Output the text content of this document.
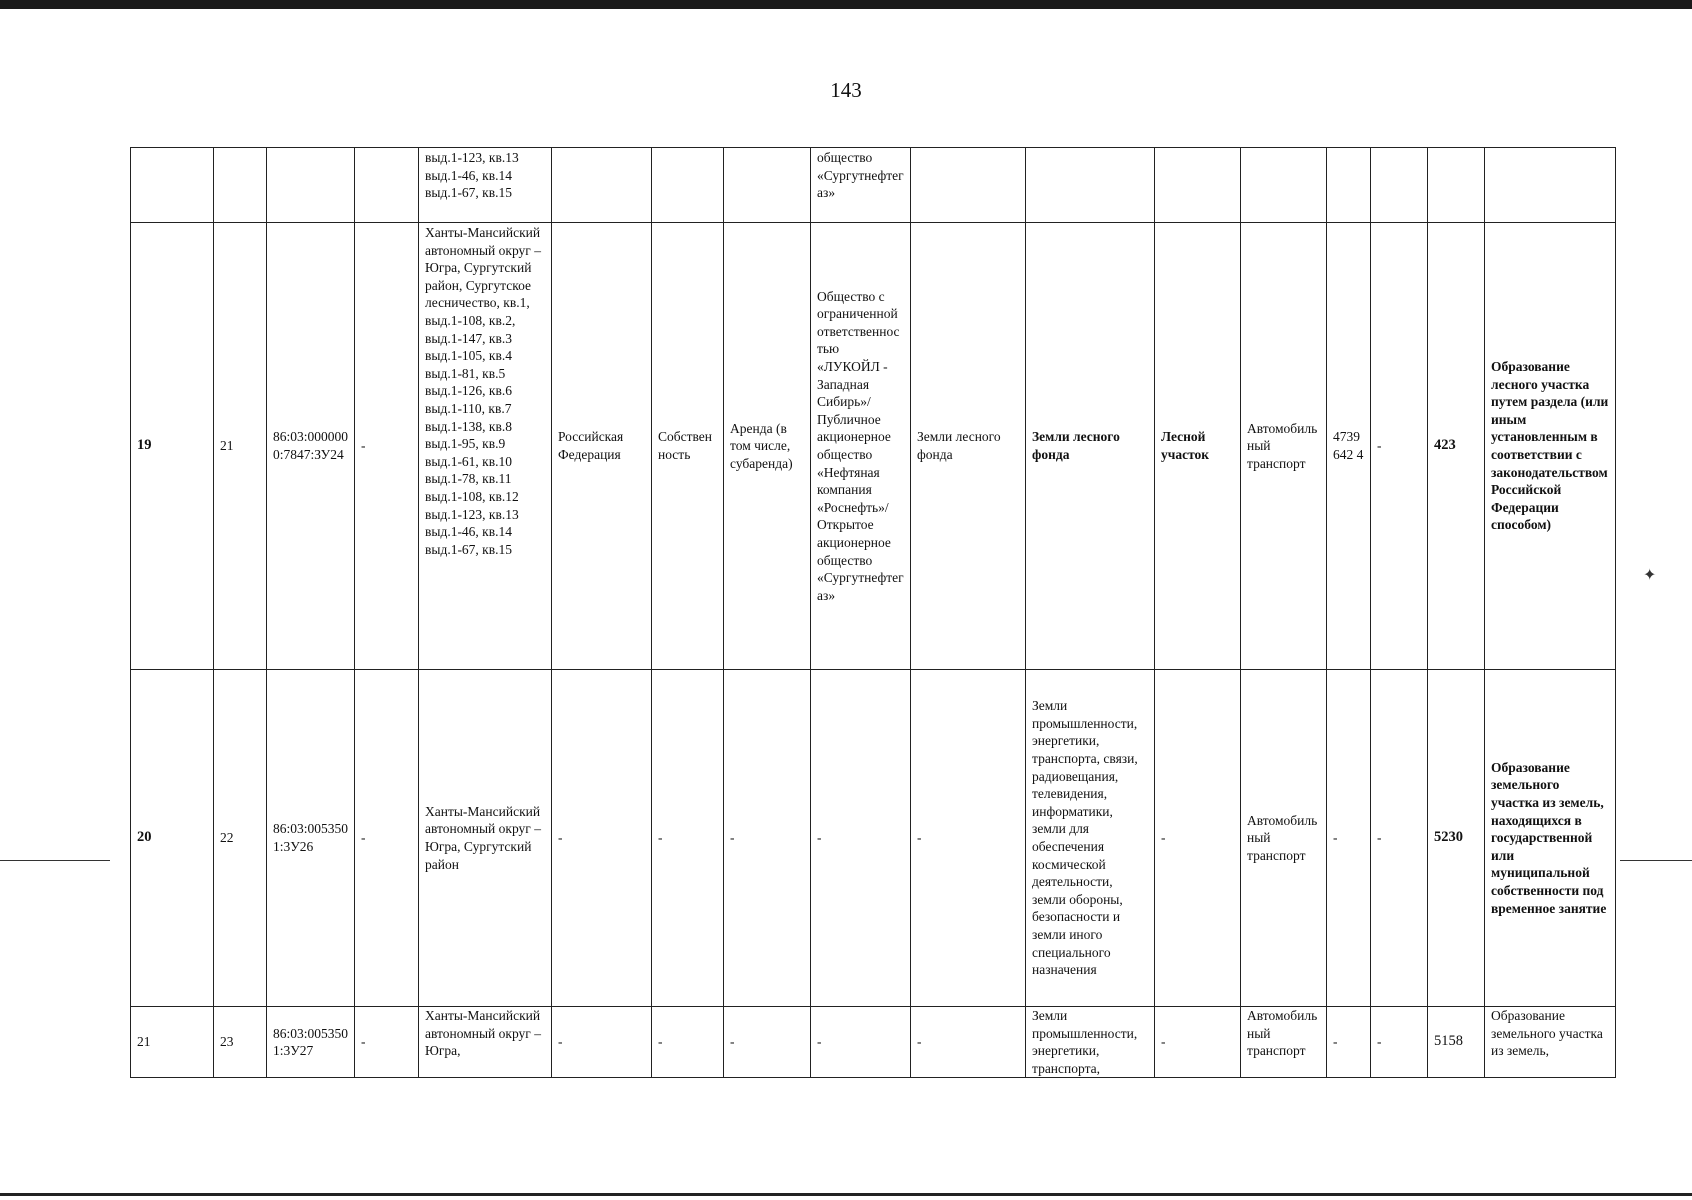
143
				выд.1-123, кв.13 выд.1-46, кв.14 выд.1-67, кв.15				общество «Сургутнефтегаз»								
19	21	86:03:0000000:7847:ЗУ24	-	Ханты-Мансийский автономный округ – Югра, Сургутский район, Сургутское лесничество, кв.1, выд.1-108, кв.2, выд.1-147, кв.3 выд.1-105, кв.4 выд.1-81, кв.5 выд.1-126, кв.6 выд.1-110, кв.7 выд.1-138, кв.8 выд.1-95, кв.9 выд.1-61, кв.10 выд.1-78, кв.11 выд.1-108, кв.12 выд.1-123, кв.13 выд.1-46, кв.14 выд.1-67, кв.15	Российская Федерация	Собственность	Аренда (в том числе, субаренда)	Общество с ограниченной ответственностью «ЛУКОЙЛ - Западная Сибирь»/Публичное акционерное общество «Нефтяная компания «Роснефть»/Открытое акционерное общество «Сургутнефтегаз»	Земли лесного фонда	Земли лесного фонда	Лесной участок	Автомобильный транспорт	4739642 4	-	423	Образование лесного участка путем раздела (или иным установленным в соответствии с законодательством Российской Федерации способом)
20	22	86:03:0053501:3У26	-	Ханты-Мансийский автономный округ – Югра, Сургутский район	-	-	-	-	-	Земли промышленности, энергетики, транспорта, связи, радиовещания, телевидения, информатики, земли для обеспечения космической деятельности, земли обороны, безопасности и земли иного специального назначения	-	Автомобильный транспорт	-	-	5230	Образование земельного участка из земель, находящихся в государственной или муниципальной собственности под временное занятие
21	23	86:03:0053501:3У27	-	Ханты-Мансийский автономный округ – Югра,	-	-	-	-	-	Земли промышленности, энергетики, транспорта,	-	Автомобильный транспорт	-	-	5158	Образование земельного участка из земель,
✦
